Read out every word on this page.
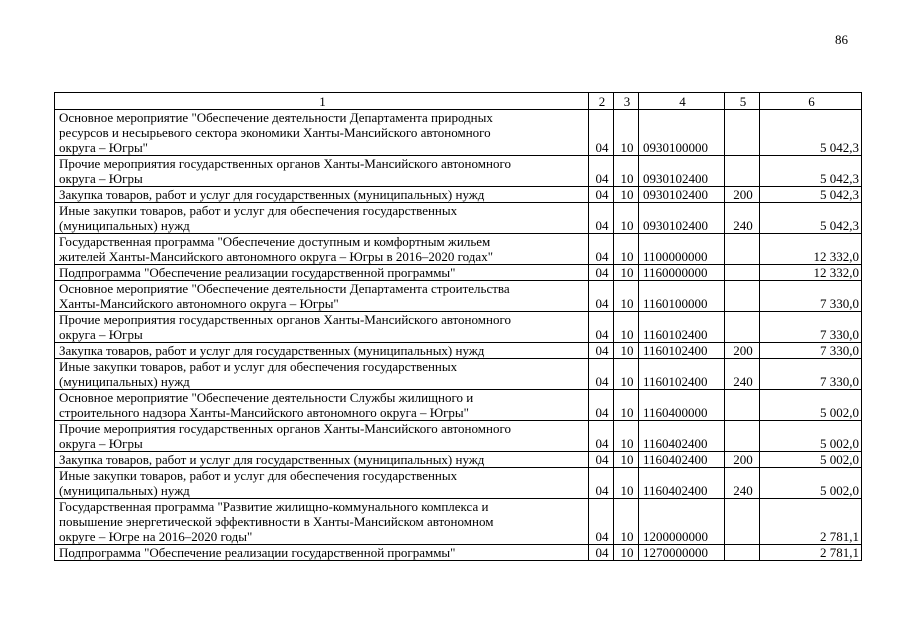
86
1	2	3	4	5	6

Основное мероприятие "Обеспечение деятельности Департамента природных
ресурсов и несырьевого сектора экономики Ханты-Мансийского автономного
округа – Югры"	04	10	0930100000		5 042,3

Прочие мероприятия государственных органов Ханты-Мансийского автономного
округа – Югры	04	10	0930102400		5 042,3

Закупка товаров, работ и услуг для государственных (муниципальных) нужд	04	10	0930102400	200	5 042,3

Иные закупки товаров, работ и услуг для обеспечения государственных
(муниципальных) нужд	04	10	0930102400	240	5 042,3

Государственная программа "Обеспечение доступным и комфортным жильем
жителей Ханты-Мансийского автономного округа – Югры в 2016–2020 годах"	04	10	1100000000		12 332,0

Подпрограмма "Обеспечение реализации государственной программы"	04	10	1160000000		12 332,0

Основное мероприятие "Обеспечение деятельности Департамента строительства
Ханты-Мансийского автономного округа – Югры"	04	10	1160100000		7 330,0

Прочие мероприятия государственных органов Ханты-Мансийского автономного
округа – Югры	04	10	1160102400		7 330,0

Закупка товаров, работ и услуг для государственных (муниципальных) нужд	04	10	1160102400	200	7 330,0

Иные закупки товаров, работ и услуг для обеспечения государственных
(муниципальных) нужд	04	10	1160102400	240	7 330,0

Основное мероприятие "Обеспечение деятельности Службы жилищного и
строительного надзора Ханты-Мансийского автономного округа – Югры"	04	10	1160400000		5 002,0

Прочие мероприятия государственных органов Ханты-Мансийского автономного
округа – Югры	04	10	1160402400		5 002,0

Закупка товаров, работ и услуг для государственных (муниципальных) нужд	04	10	1160402400	200	5 002,0

Иные закупки товаров, работ и услуг для обеспечения государственных
(муниципальных) нужд	04	10	1160402400	240	5 002,0

Государственная программа "Развитие жилищно-коммунального комплекса и
повышение энергетической эффективности в Ханты-Мансийском автономном
округе – Югре на 2016–2020 годы"	04	10	1200000000		2 781,1

Подпрограмма "Обеспечение реализации государственной программы"	04	10	1270000000		2 781,1
